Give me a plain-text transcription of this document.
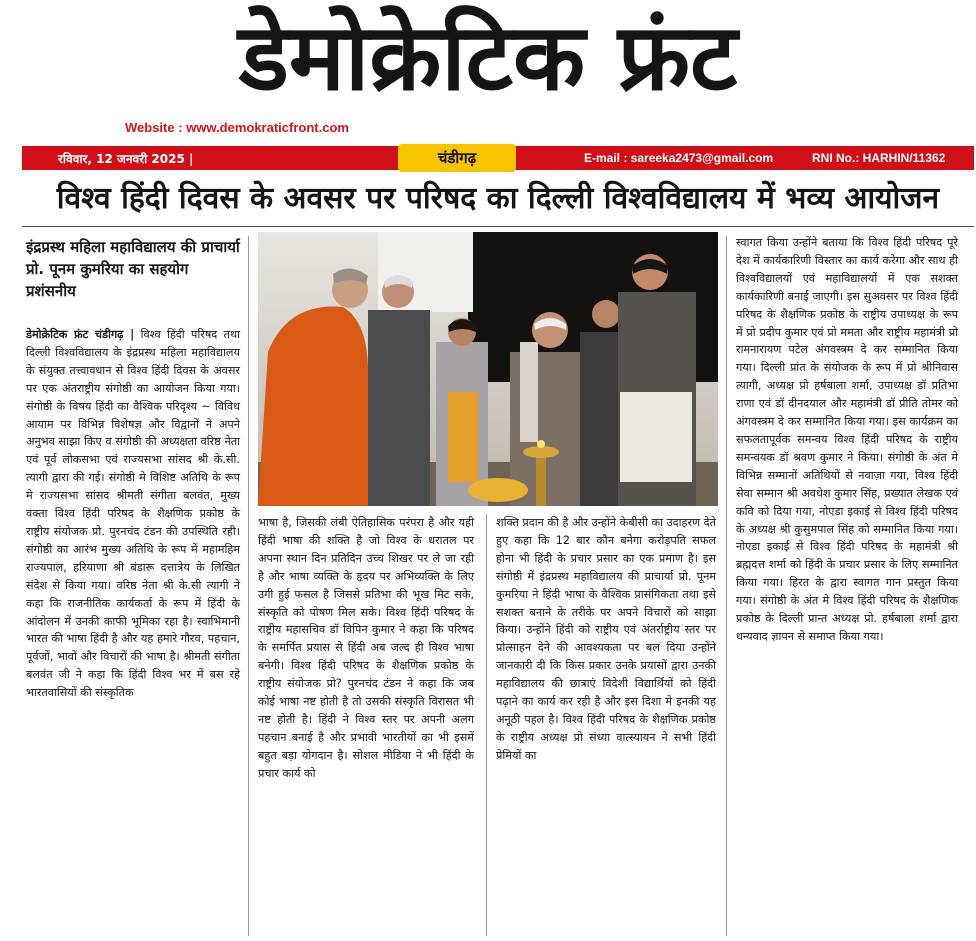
डेमोक्रेटिक फ्रंट
Website : www.demokraticfront.com
रविवार, 12 जनवरी 2025 |	चंडीगढ़	E-mail : sareeka2473@gmail.com	RNI No.: HARHIN/11362
विश्व हिंदी दिवस के अवसर पर परिषद का दिल्ली विश्वविद्यालय में भव्य आयोजन
इंद्रप्रस्थ महिला महाविद्यालय की प्राचार्या प्रो. पूनम कुमरिया का सहयोग प्रशंसनीय
डेमोक्रेटिक फ्रंट चंडीगढ़ | विश्व हिंदी परिषद तथा दिल्ली विश्वविद्यालय के इंद्रप्रस्थ महिला महाविद्यालय के संयुक्त तत्त्वावधान से विश्व हिंदी दिवस के अवसर पर एक अंतराष्ट्रीय संगोष्ठी का आयोजन किया गया। संगोष्ठी के विषय हिंदी का वैश्विक परिदृश्य ~ विविध आयाम पर विभिन्न विशेषज्ञ और विद्वानों ने अपने अनुभव साझा किए व संगोष्ठी की अध्यक्षता वरिष्ठ नेता एवं पूर्व लोकसभा एवं राज्यसभा सांसद श्री के.सी. त्यागी द्वारा की गई। संगोष्ठी मे विशिष्ट अतिथि के रूप मे राज्यसभा सांसद श्रीमती संगीता बलवंत, मुख्य वक्ता विश्व हिंदी परिषद के शैक्षणिक प्रकोष्ठ के राष्ट्रीय संयोजक प्रो. पुरनचंद टंडन की उपस्थिति रही। संगोष्ठी का आरंभ मुख्य अतिथि के रूप में महामहिम राज्यपाल, हरियाणा श्री बंडारू दत्तात्रेय के लिखित संदेश से किया गया। वरिष्ठ नेता श्री के.सी त्यागी ने कहा कि राजनीतिक कार्यकर्ता के रूप में हिंदी के आंदोलन में उनकी काफी भूमिका रहा है। स्वाभिमानी भारत की भाषा हिंदी है और यह हमारे गौरव, पहचान, पूर्वजों, भावों और विचारों की भाषा है। श्रीमती संगीता बलवंत जी ने कहा कि हिंदी विश्व भर में बस रहे भारतवासियों की संस्कृतिक
भाषा है, जिसकी लंबी ऐतिहासिक परंपरा है और यही हिंदी भाषा की शक्ति है जो विश्व के धरातल पर अपना स्थान दिन प्रतिदिन उच्च शिखर पर ले जा रही है और भाषा व्यक्ति के हृदय पर अभिव्यक्ति के लिए उगी हुई फसल है जिससे प्रतिभा की भूख मिट सके, संस्कृति को पोषण मिल सके। विश्व हिंदी परिषद के राष्ट्रीय महासचिव डॉ विपिन कुमार ने कहा कि परिषद के समर्पित प्रयास से हिंदी अब जल्द ही विश्व भाषा बनेगी। विश्व हिंदी परिषद के शैक्षणिक प्रकोष्ठ के राष्ट्रीय संयोजक प्रो? पुरनचंद टंडन ने कहा कि जब कोई भाषा नष्ट होती है तो उसकी संस्कृति विरासत भी नष्ट होती है। हिंदी ने विश्व स्तर पर अपनी अलग पहचान बनाई है और प्रभावी भारतीयों का भी इसमें बहुत बड़ा योगदान है। सोशल मीडिया ने भी हिंदी के प्रचार कार्य को
शक्ति प्रदान की है और उन्होंने केबीसी का उदाहरण देते हुए कहा कि 12 बार कौन बनेगा करोड़पति सफल होना भी हिंदी के प्रचार प्रसार का एक प्रमाण है। इस संगोष्ठी में इंद्रप्रस्थ महाविद्यालय की प्राचार्या प्रो. पूनम कुमरिया ने हिंदी भाषा के वैश्विक प्रासंगिकता तथा इसे सशक्त बनाने के तरीके पर अपने विचारों को साझा किया। उन्होंने हिंदी को राष्ट्रीय एवं अंतर्राष्ट्रीय स्तर पर प्रोत्साहन देने की आवश्यकता पर बल दिया उन्होंने जानकारी दी कि किस प्रकार उनके प्रयासों द्वारा उनकी महाविद्यालय की छात्राएं विदेशी विद्यार्थियों को हिंदी पढ़ाने का कार्य कर रही है और इस दिशा मे इनकी यह अनूठी पहल है। विश्व हिंदी परिषद के शैक्षणिक प्रकोष्ठ के राष्ट्रीय अध्यक्ष प्रो संध्या वात्स्यायन ने सभी हिंदी प्रेमियों का
स्वागत किया उन्होंने बताया कि विश्व हिंदी परिषद पूरे देश में कार्यकारिणी विस्तार का कार्य करेगा और साथ ही विश्वविद्यालयों एवं महाविद्यालयों में एक सशक्त कार्यकारिणी बनाई जाएगी। इस सुअवसर पर विश्व हिंदी परिषद के शैक्षणिक प्रकोष्ठ के राष्ट्रीय उपाध्यक्ष के रूप में प्रो प्रदीप कुमार एवं प्रो ममता और राष्ट्रीय महामंत्री प्रो रामनारायण पटेल अंगवस्त्रम दे कर सम्मानित किया गया। दिल्ली प्रांत के संयोजक के रूप में प्रो श्रीनिवास त्यागी, अध्यक्ष प्रो हर्षबाला शर्मा, उपाध्यक्ष डॉ प्रतिभा राणा एवं डॉ दीनदयाल और महामंत्री डॉ प्रीति तोमर को अंगवस्त्रम दे कर सम्मानित किया गया। इस कार्यक्रम का सफलतापूर्वक समन्वय विश्व हिंदी परिषद के राष्ट्रीय समन्वयक डॉ श्रवण कुमार ने किया। संगोष्ठी के अंत मे विभिन्न सम्मानों अतिथियों से नवाज़ा गया, विश्व हिंदी सेवा सम्मान श्री अवधेश कुमार सिंह, प्रख्यात लेखक एवं कवि को दिया गया, नोएडा इकाई से विश्व हिंदी परिषद के अध्यक्ष श्री कुसुमपाल सिंह को सम्मानित किया गया। नोएडा इकाई से विश्व हिंदी परिषद के महामंत्री श्री ब्रह्मदत्त शर्मा को हिंदी के प्रचार प्रसार के लिए सम्मानित किया गया। हिरत के द्वारा स्वागत गान प्रस्तुत किया गया। संगोष्ठी के अंत मे विश्व हिंदी परिषद के शैक्षणिक प्रकोष्ठ के दिल्ली प्रान्त अध्यक्ष प्रो. हर्षबाला शर्मा द्वारा धन्यवाद ज्ञापन से समाप्त किया गया।
